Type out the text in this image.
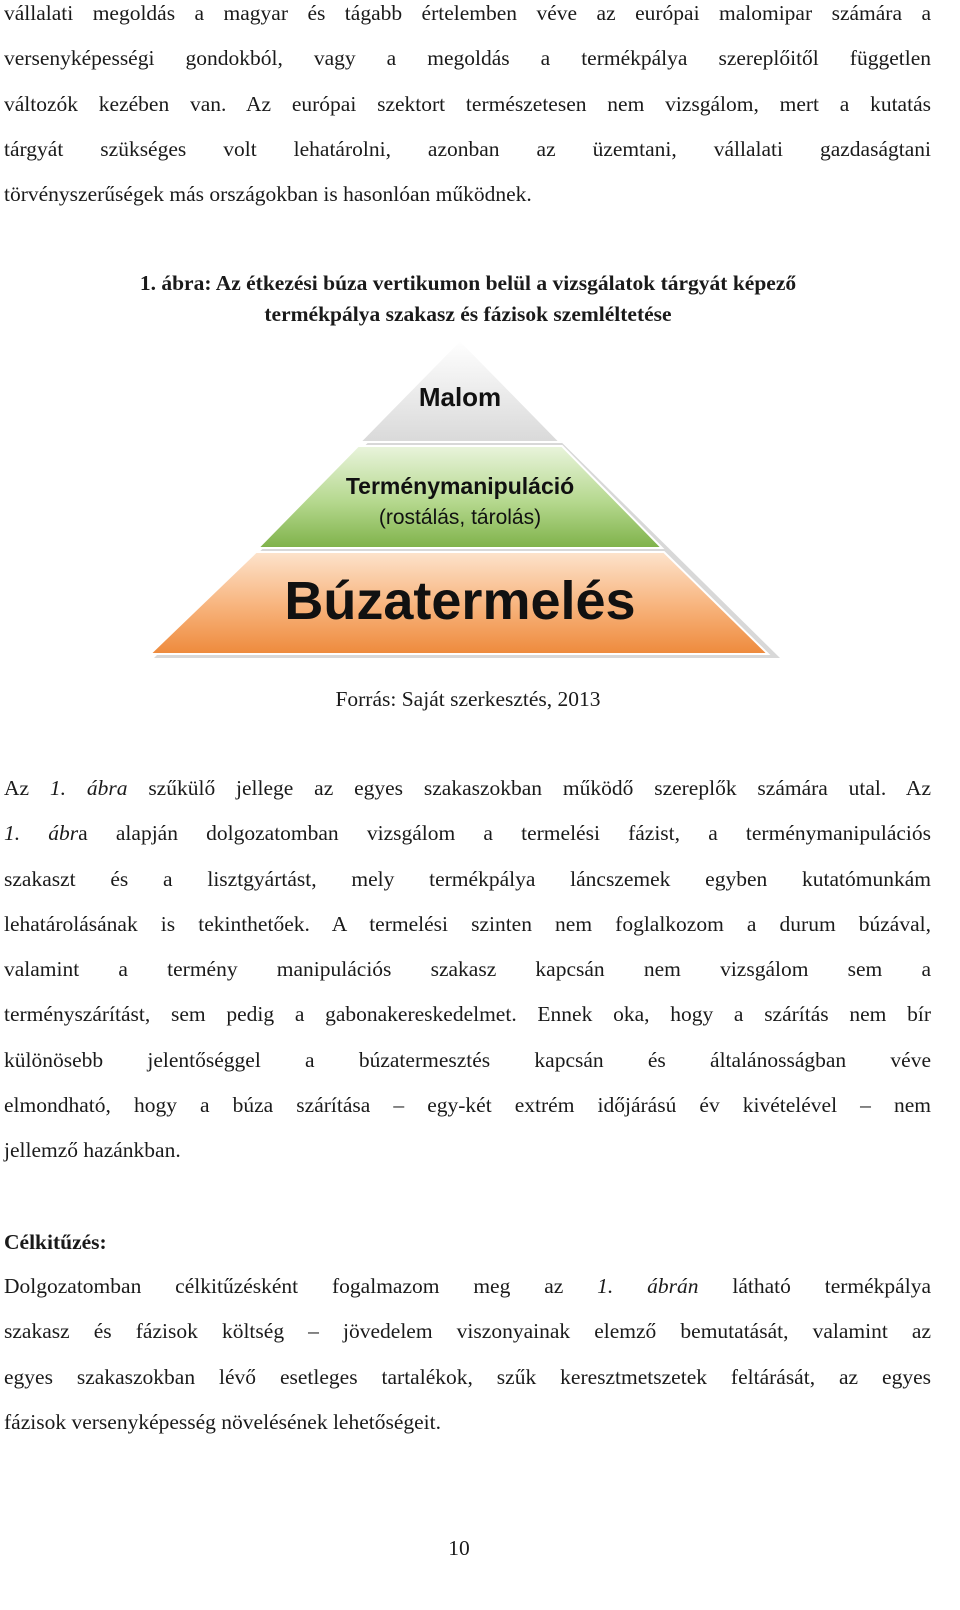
vállalati megoldás a magyar és tágabb értelemben véve az európai malomipar számára a
versenyképességi gondokból, vagy a megoldás a termékpálya szereplőitől független
változók kezében van. Az európai szektort természetesen nem vizsgálom, mert a kutatás
tárgyát szükséges volt lehatárolni, azonban az üzemtani, vállalati gazdaságtani
törvényszerűségek más országokban is hasonlóan működnek.
1. ábra: Az étkezési búza vertikumon belül a vizsgálatok tárgyát képező
termékpálya szakasz és fázisok szemléltetése
Malom
Terménymanipuláció
(rostálás, tárolás)
Búzatermelés
Forrás: Saját szerkesztés, 2013
Az 1. ábra szűkülő jellege az egyes szakaszokban működő szereplők számára utal. Az
1. ábra alapján dolgozatomban vizsgálom a termelési fázist, a terménymanipulációs
szakaszt és a lisztgyártást, mely termékpálya láncszemek egyben kutatómunkám
lehatárolásának is tekinthetőek. A termelési szinten nem foglalkozom a durum búzával,
valamint a termény manipulációs szakasz kapcsán nem vizsgálom sem a
terményszárítást, sem pedig a gabonakereskedelmet. Ennek oka, hogy a szárítás nem bír
különösebb jelentőséggel a búzatermesztés kapcsán és általánosságban véve
elmondható, hogy a búza szárítása – egy-két extrém időjárású év kivételével – nem
jellemző hazánkban.
Célkitűzés:
Dolgozatomban célkitűzésként fogalmazom meg az 1. ábrán látható termékpálya
szakasz és fázisok költség – jövedelem viszonyainak elemző bemutatását, valamint az
egyes szakaszokban lévő esetleges tartalékok, szűk keresztmetszetek feltárását, az egyes
fázisok versenyképesség növelésének lehetőségeit.
10
